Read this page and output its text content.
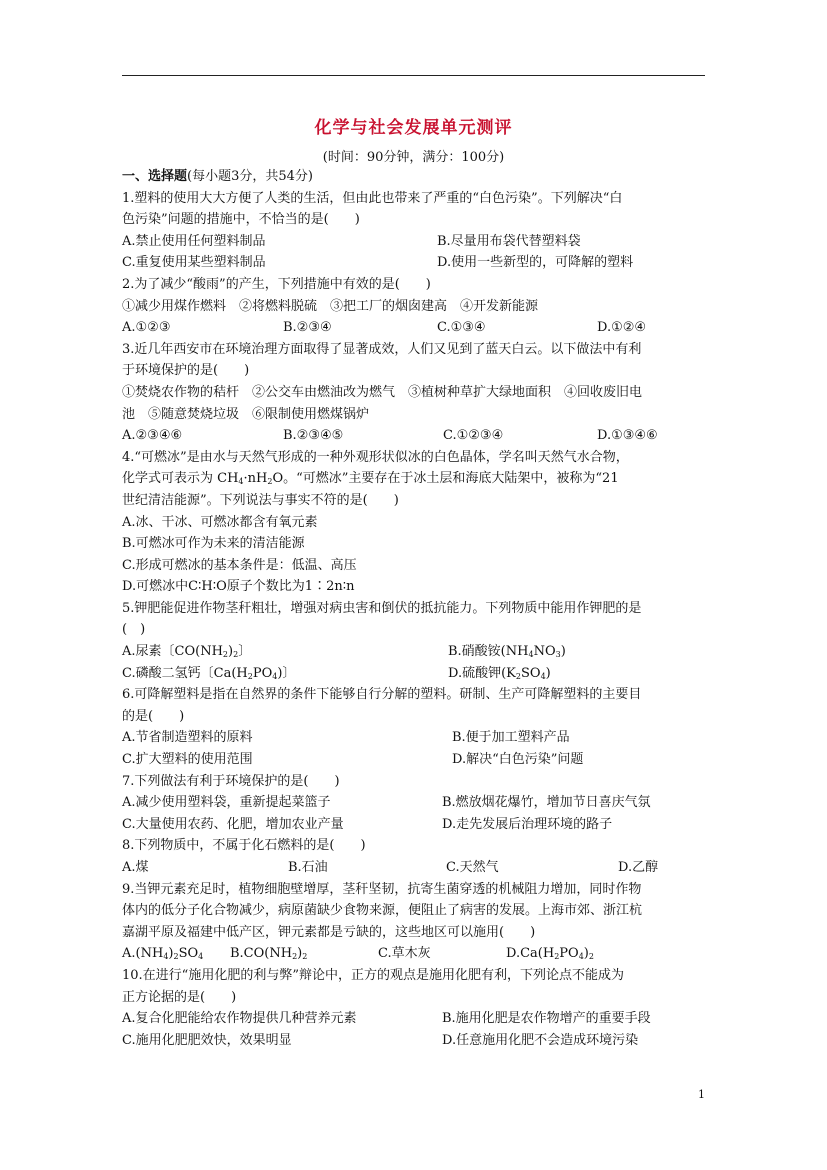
化学与社会发展单元测评
(时间：90分钟，满分：100分)
一、选择题(每小题3分，共54分)
1.塑料的使用大大方便了人类的生活，但由此也带来了严重的“白色污染”。下列解决“白
色污染”问题的措施中，不恰当的是(　　)
A.禁止使用任何塑料制品	B.尽量用布袋代替塑料袋
C.重复使用某些塑料制品	D.使用一些新型的，可降解的塑料
2.为了减少“酸雨”的产生，下列措施中有效的是(　　)
①减少用煤作燃料　②将燃料脱硫　③把工厂的烟囱建高　④开发新能源
A.①②③	B.②③④	C.①③④	D.①②④
3.近几年西安市在环境治理方面取得了显著成效，人们又见到了蓝天白云。以下做法中有利
于环境保护的是(　　)
①焚烧农作物的秸杆　②公交车由燃油改为燃气　③植树种草扩大绿地面积　④回收废旧电
池　⑤随意焚烧垃圾　⑥限制使用燃煤锅炉
A.②③④⑥	B.②③④⑤	C.①②③④	D.①③④⑥
4.“可燃冰”是由水与天然气形成的一种外观形状似冰的白色晶体，学名叫天然气水合物，
化学式可表示为 $CH_4\cdot nH_2O$。“可燃冰”主要存在于冰土层和海底大陆架中，被称为“21
世纪清洁能源”。下列说法与事实不符的是(　　)
A.冰、干冰、可燃冰都含有氧元素
B.可燃冰可作为未来的清洁能源
C.形成可燃冰的基本条件是：低温、高压
D.可燃冰中C∶H∶O原子个数比为1∶2n∶n
5.钾肥能促进作物茎秆粗壮，增强对病虫害和倒伏的抵抗能力。下列物质中能用作钾肥的是
(　)
A.尿素〔$CO(NH_2)_2$〕	B.硝酸铵$(NH_4NO_3)$
C.磷酸二氢钙〔$Ca(H_2PO_4)$〕	D.硫酸钾$(K_2SO_4)$
6.可降解塑料是指在自然界的条件下能够自行分解的塑料。研制、生产可降解塑料的主要目
的是(　　)
A.节省制造塑料的原料	B.便于加工塑料产品
C.扩大塑料的使用范围	D.解决“白色污染”问题
7.下列做法有利于环境保护的是(　　)
A.减少使用塑料袋，重新提起菜篮子	B.燃放烟花爆竹，增加节日喜庆气氛
C.大量使用农药、化肥，增加农业产量	D.走先发展后治理环境的路子
8.下列物质中，不属于化石燃料的是(　　)
A.煤	B.石油	C.天然气	D.乙醇
9.当钾元素充足时，植物细胞壁增厚，茎秆坚韧，抗寄生菌穿透的机械阻力增加，同时作物
体内的低分子化合物减少，病原菌缺少食物来源，便阻止了病害的发展。上海市郊、浙江杭
嘉湖平原及福建中低产区，钾元素都是亏缺的，这些地区可以施用(　　)
$A.(NH_4)_2SO_4$ $B.CO(NH_2)_2$	C.草木灰	$D.Ca(H_2PO_4)_2$
10.在进行“施用化肥的利与弊”辩论中，正方的观点是施用化肥有利，下列论点不能成为
正方论据的是(　　)
A.复合化肥能给农作物提供几种营养元素	B.施用化肥是农作物增产的重要手段
C.施用化肥肥效快，效果明显	D.任意施用化肥不会造成环境污染
1
